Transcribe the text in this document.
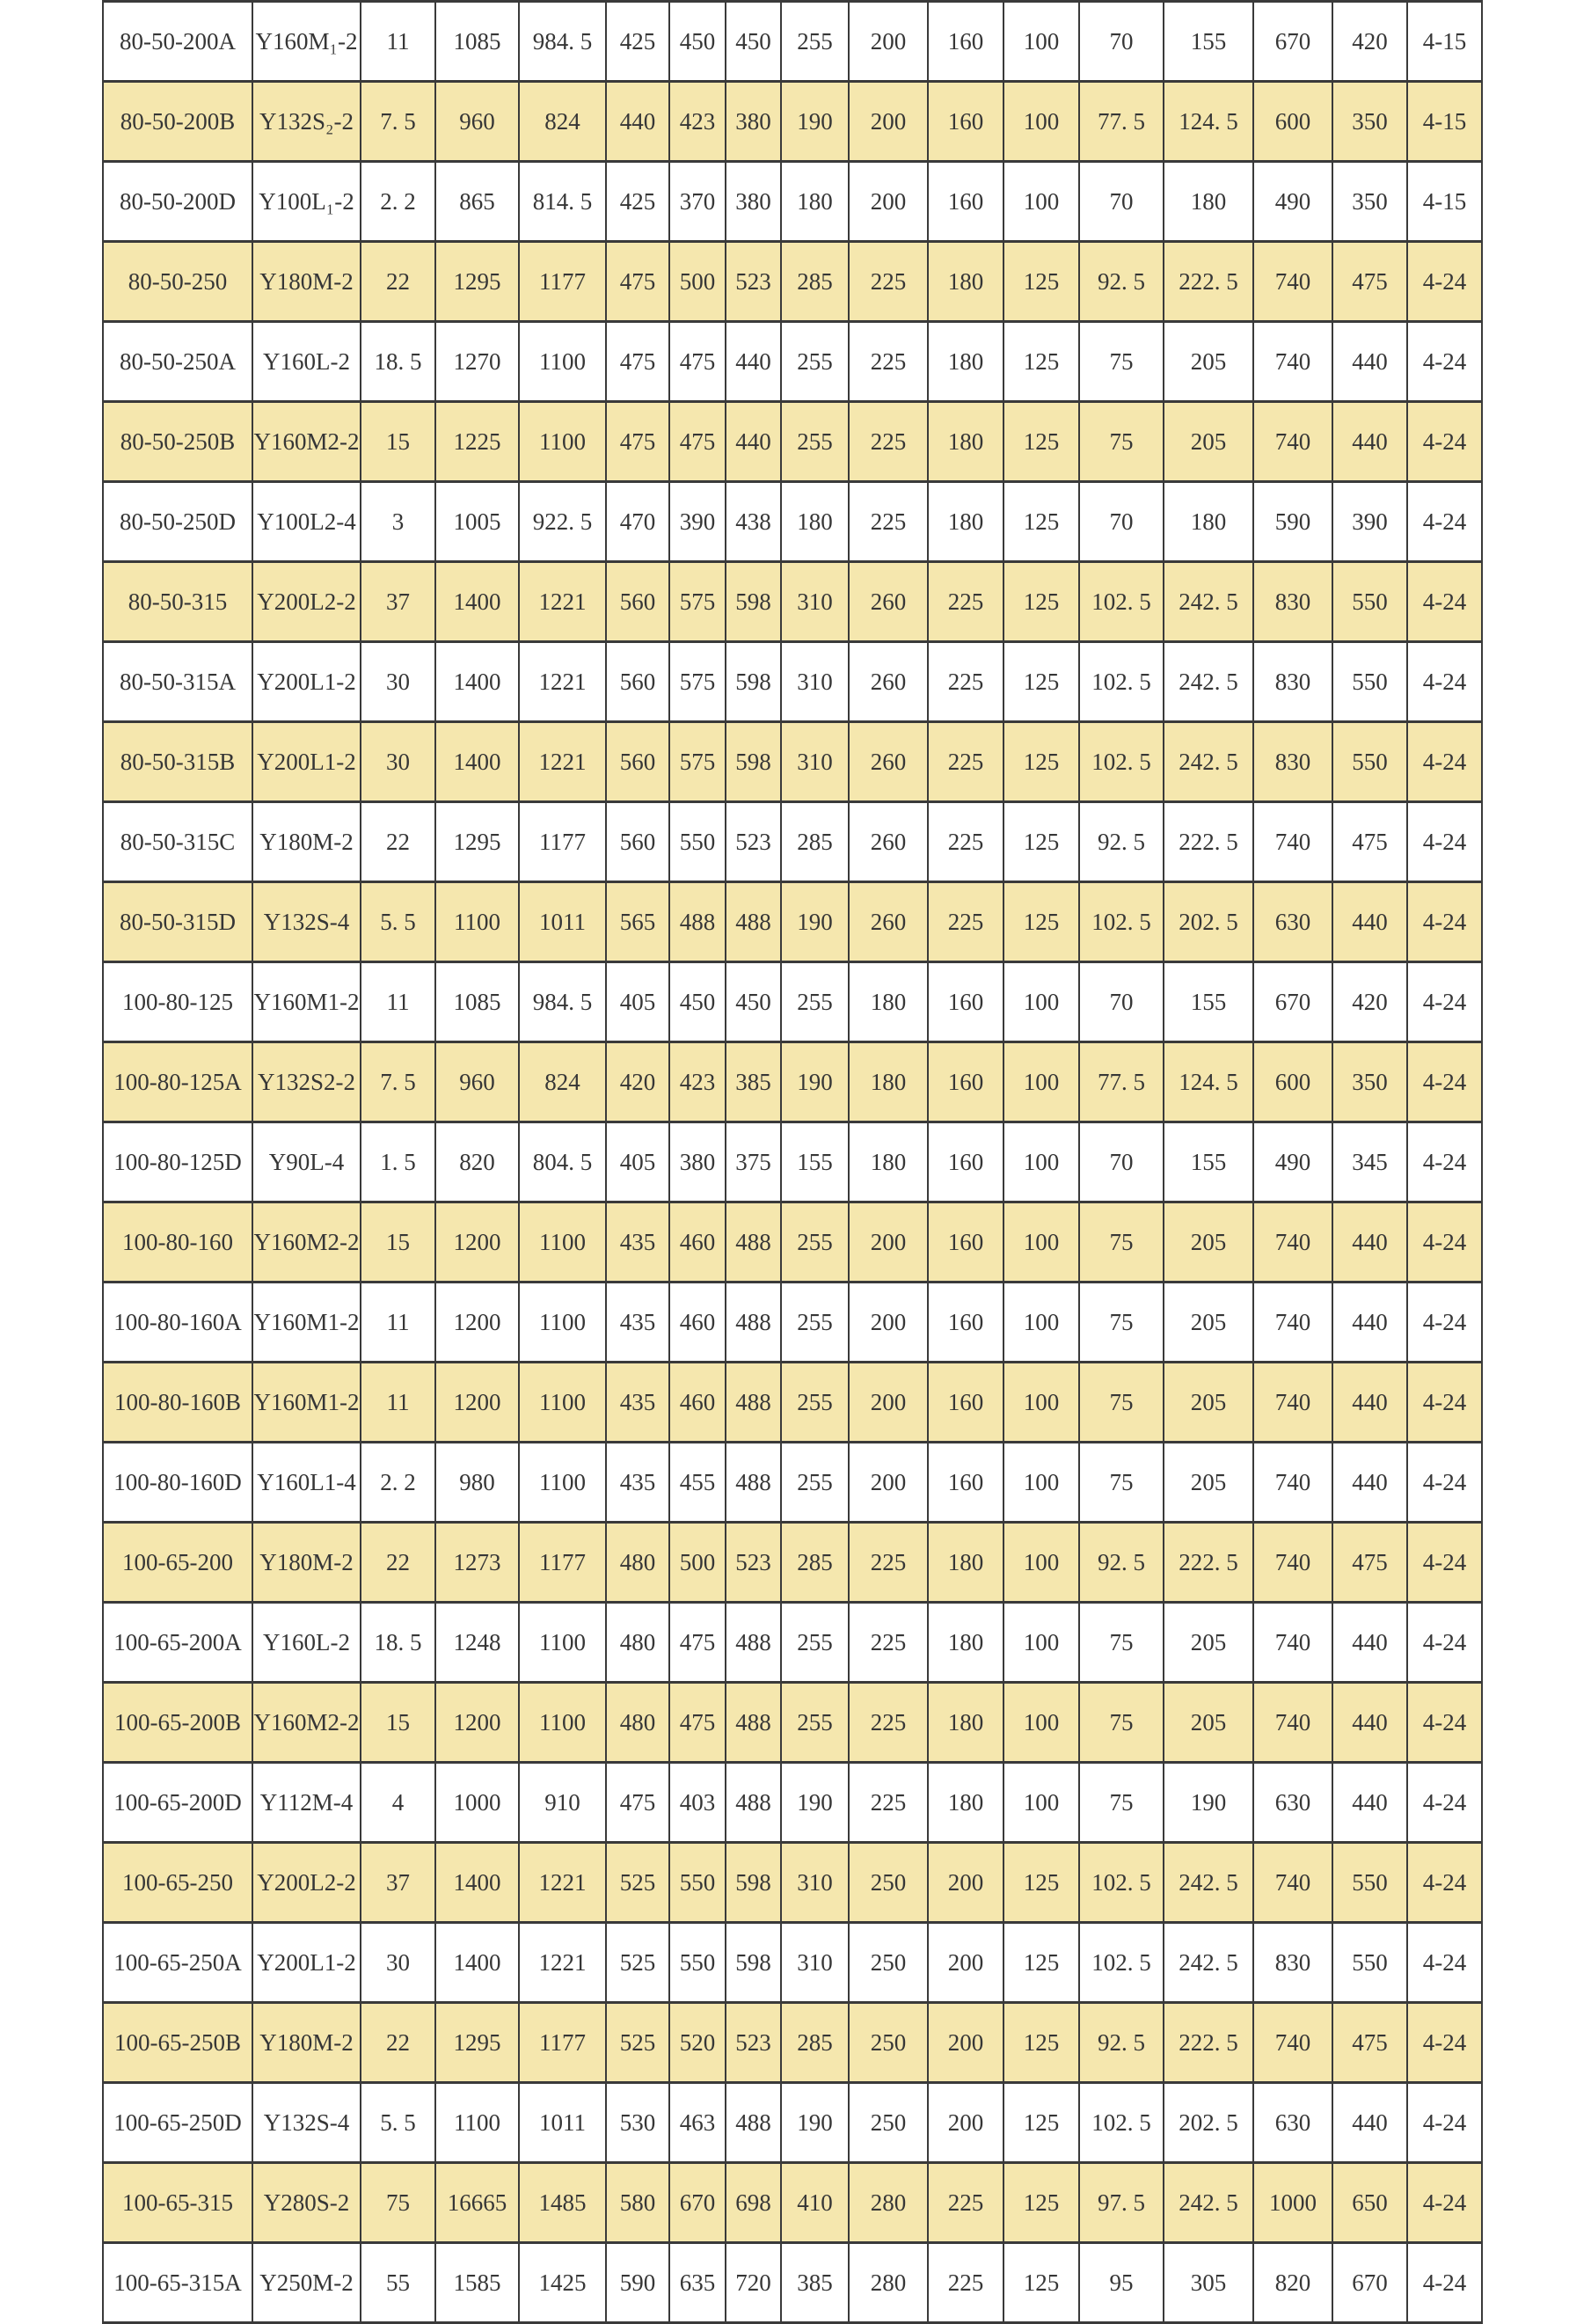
80-50-200A	Y160M₁-2	11	1085	984. 5	425	450	450	255	200	160	100	70	155	670	420	4-15
80-50-200B	Y132S₂-2	7. 5	960	824	440	423	380	190	200	160	100	77. 5	124. 5	600	350	4-15
80-50-200D	Y100L₁-2	2. 2	865	814. 5	425	370	380	180	200	160	100	70	180	490	350	4-15
80-50-250	Y180M-2	22	1295	1177	475	500	523	285	225	180	125	92. 5	222. 5	740	475	4-24
80-50-250A	Y160L-2	18. 5	1270	1100	475	475	440	255	225	180	125	75	205	740	440	4-24
80-50-250B	Y160M2-2	15	1225	1100	475	475	440	255	225	180	125	75	205	740	440	4-24
80-50-250D	Y100L2-4	3	1005	922. 5	470	390	438	180	225	180	125	70	180	590	390	4-24
80-50-315	Y200L2-2	37	1400	1221	560	575	598	310	260	225	125	102. 5	242. 5	830	550	4-24
80-50-315A	Y200L1-2	30	1400	1221	560	575	598	310	260	225	125	102. 5	242. 5	830	550	4-24
80-50-315B	Y200L1-2	30	1400	1221	560	575	598	310	260	225	125	102. 5	242. 5	830	550	4-24
80-50-315C	Y180M-2	22	1295	1177	560	550	523	285	260	225	125	92. 5	222. 5	740	475	4-24
80-50-315D	Y132S-4	5. 5	1100	1011	565	488	488	190	260	225	125	102. 5	202. 5	630	440	4-24
100-80-125	Y160M1-2	11	1085	984. 5	405	450	450	255	180	160	100	70	155	670	420	4-24
100-80-125A	Y132S2-2	7. 5	960	824	420	423	385	190	180	160	100	77. 5	124. 5	600	350	4-24
100-80-125D	Y90L-4	1. 5	820	804. 5	405	380	375	155	180	160	100	70	155	490	345	4-24
100-80-160	Y160M2-2	15	1200	1100	435	460	488	255	200	160	100	75	205	740	440	4-24
100-80-160A	Y160M1-2	11	1200	1100	435	460	488	255	200	160	100	75	205	740	440	4-24
100-80-160B	Y160M1-2	11	1200	1100	435	460	488	255	200	160	100	75	205	740	440	4-24
100-80-160D	Y160L1-4	2. 2	980	1100	435	455	488	255	200	160	100	75	205	740	440	4-24
100-65-200	Y180M-2	22	1273	1177	480	500	523	285	225	180	100	92. 5	222. 5	740	475	4-24
100-65-200A	Y160L-2	18. 5	1248	1100	480	475	488	255	225	180	100	75	205	740	440	4-24
100-65-200B	Y160M2-2	15	1200	1100	480	475	488	255	225	180	100	75	205	740	440	4-24
100-65-200D	Y112M-4	4	1000	910	475	403	488	190	225	180	100	75	190	630	440	4-24
100-65-250	Y200L2-2	37	1400	1221	525	550	598	310	250	200	125	102. 5	242. 5	740	550	4-24
100-65-250A	Y200L1-2	30	1400	1221	525	550	598	310	250	200	125	102. 5	242. 5	830	550	4-24
100-65-250B	Y180M-2	22	1295	1177	525	520	523	285	250	200	125	92. 5	222. 5	740	475	4-24
100-65-250D	Y132S-4	5. 5	1100	1011	530	463	488	190	250	200	125	102. 5	202. 5	630	440	4-24
100-65-315	Y280S-2	75	16665	1485	580	670	698	410	280	225	125	97. 5	242. 5	1000	650	4-24
100-65-315A	Y250M-2	55	1585	1425	590	635	720	385	280	225	125	95	305	820	670	4-24
